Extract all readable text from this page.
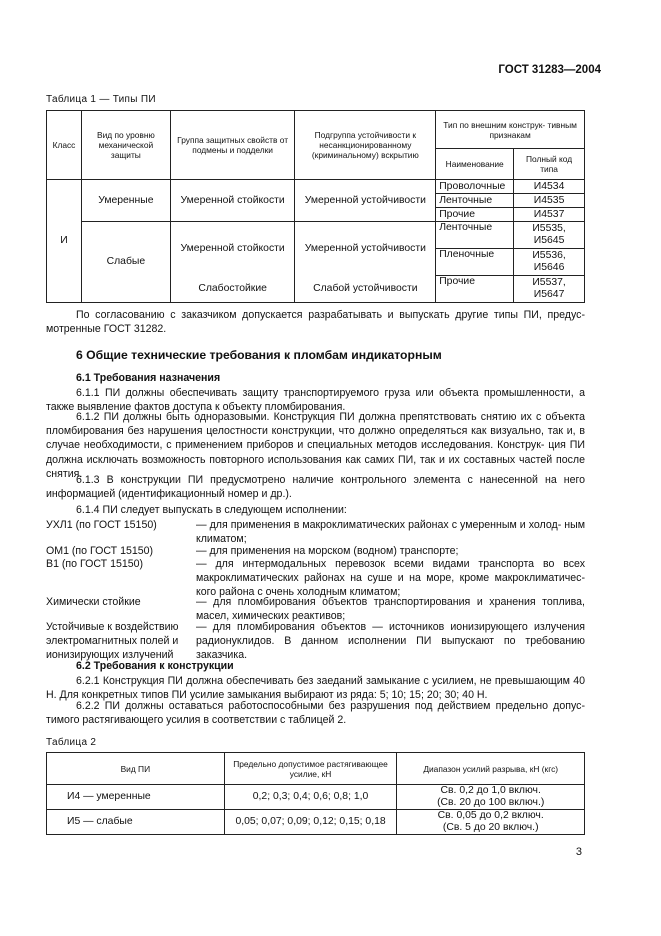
ГОСТ 31283—2004
Таблица 1 — Типы ПИ
Класс	Вид по уровню механической защиты	Группа защитных свойств от подмены и подделки	Подгруппа устойчивости к несанкционированному (криминальному) вскрытию	Тип по внешним конструк- тивным признакам	
				Наименование	Полный код типа
И	Умеренные	Умеренной стойкости	Умеренной устойчивости	Проволочные	И4534
				Ленточные	И4535
				Прочие	И4537
	Слабые	Умеренной стойкости	Умеренной устойчивости	Ленточные	И5535, И5645
				Пленочные	И5536, И5646
		Слабостойкие	Слабой устойчивости	Прочие	И5537, И5647
По согласованию с заказчиком допускается разрабатывать и выпускать другие типы ПИ, предус- мотренные ГОСТ 31282.
6 Общие технические требования к пломбам индикаторным
6.1 Требования назначения
6.1.1 ПИ должны обеспечивать защиту транспортируемого груза или объекта промышленности, а также выявление фактов доступа к объекту пломбирования.
6.1.2 ПИ должны быть одноразовыми. Конструкция ПИ должна препятствовать снятию их с объекта пломбирования без нарушения целостности конструкции, что должно определяться как визуально, так и, в случае необходимости, с применением приборов и специальных методов исследования. Конструк- ция ПИ должна исключать возможность повторного использования как самих ПИ, так и их составных частей после снятия.
6.1.3 В конструкции ПИ предусмотрено наличие контрольного элемента с нанесенной на него информацией (идентификационный номер и др.).
6.1.4 ПИ следует выпускать в следующем исполнении:
УХЛ1 (по ГОСТ 15150)	— для применения в макроклиматических районах с умеренным и холод- ным климатом;
ОМ1 (по ГОСТ 15150)	— для применения на морском (водном) транспорте;
В1 (по ГОСТ 15150)	— для интермодальных перевозок всеми видами транспорта во всех макроклиматических районах на суше и на море, кроме макроклиматичес- кого района с очень холодным климатом;
Химически стойкие	— для пломбирования объектов транспортирования и хранения топлива, масел, химических реактивов;
Устойчивые к воздействию электромагнитных полей и ионизирующих излучений
— для пломбирования объектов — источников ионизирующего излучения радионуклидов. В данном исполнении ПИ выпускают по требованию заказчика.
6.2 Требования к конструкции
6.2.1 Конструкция ПИ должна обеспечивать без заеданий замыкание с усилием, не превышающим 40 Н. Для конкретных типов ПИ усилие замыкания выбирают из ряда: 5; 10; 15; 20; 30; 40 Н.
6.2.2 ПИ должны оставаться работоспособными без разрушения под действием предельно допус- тимого растягивающего усилия в соответствии с таблицей 2.
Таблица 2
Вид ПИ	Предельно допустимое растягивающее усилие, кН	Диапазон усилий разрыва, кН (кгс)
И4 — умеренные	0,2; 0,3; 0,4; 0,6; 0,8; 1,0	Св. 0,2 до 1,0 включ.
(Св. 20 до 100 включ.)

И5 — слабые	0,05; 0,07; 0,09; 0,12; 0,15; 0,18	Св. 0,05 до 0,2 включ.
(Св. 5 до 20 включ.)
3
